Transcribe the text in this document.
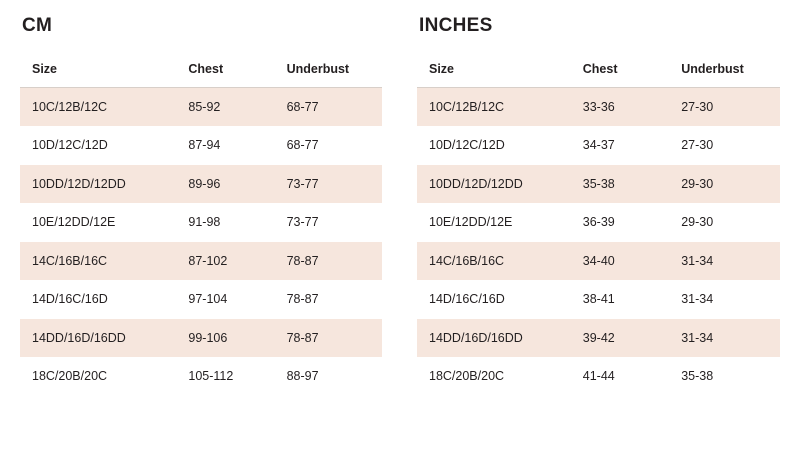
CM
Size	Chest	Underbust
10C/12B/12C	85-92	68-77
10D/12C/12D	87-94	68-77
10DD/12D/12DD	89-96	73-77
10E/12DD/12E	91-98	73-77
14C/16B/16C	87-102	78-87
14D/16C/16D	97-104	78-87
14DD/16D/16DD	99-106	78-87
18C/20B/20C	105-112	88-97
INCHES
Size	Chest	Underbust
10C/12B/12C	33-36	27-30
10D/12C/12D	34-37	27-30
10DD/12D/12DD	35-38	29-30
10E/12DD/12E	36-39	29-30
14C/16B/16C	34-40	31-34
14D/16C/16D	38-41	31-34
14DD/16D/16DD	39-42	31-34
18C/20B/20C	41-44	35-38
